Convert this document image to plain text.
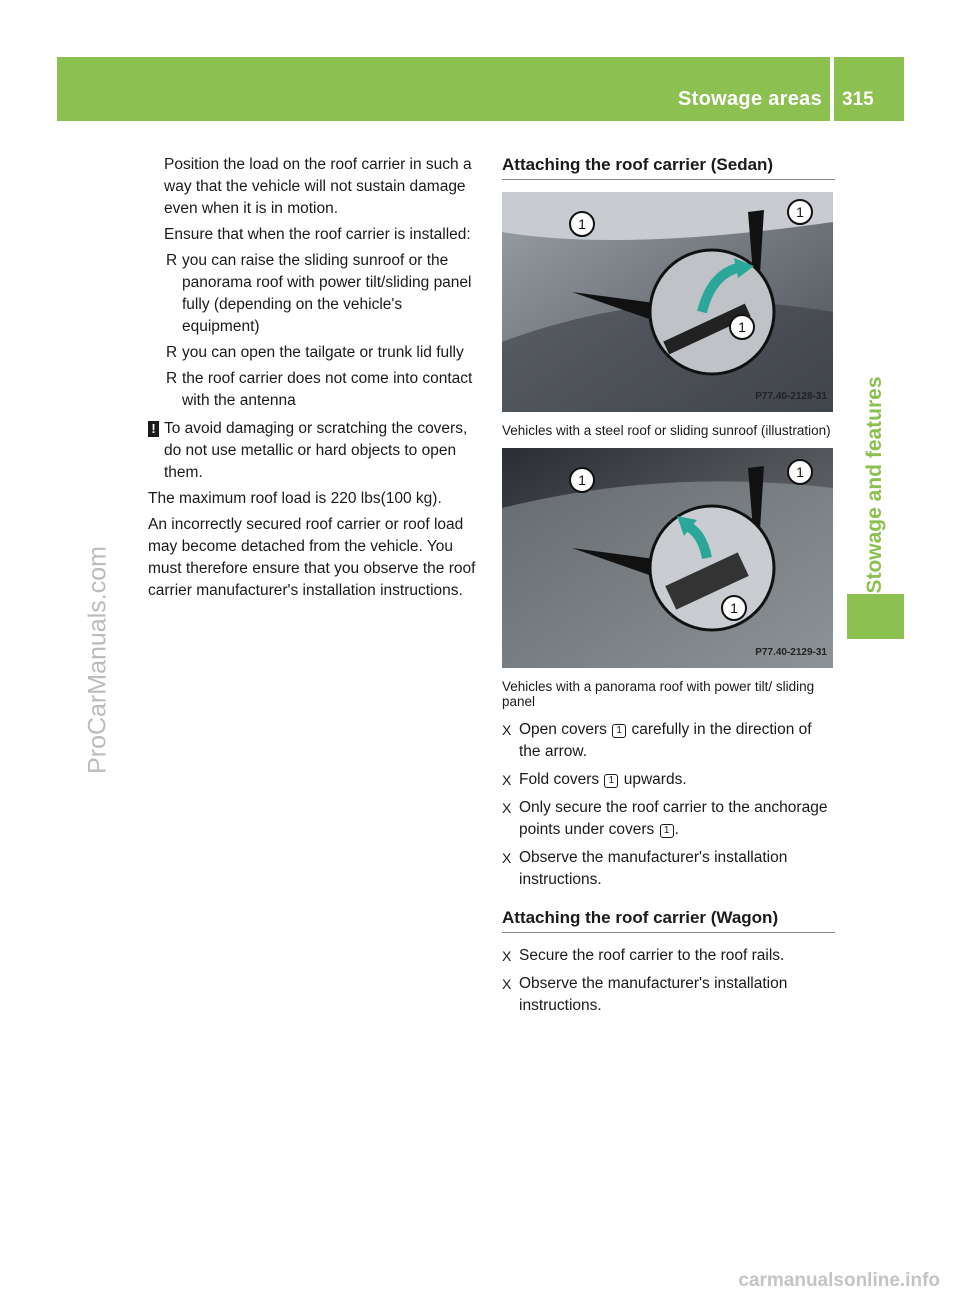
Stowage areas 315
Stowage and features
ProCarManuals.com
carmanualsonline.info

Position the load on the roof carrier in such a way that the vehicle will not sustain damage even when it is in motion.

Ensure that when the roof carrier is installed:

R you can raise the sliding sunroof or the panorama roof with power tilt/sliding panel fully (depending on the vehicle's equipment)

R you can open the tailgate or trunk lid fully

R the roof carrier does not come into contact with the antenna

! To avoid damaging or scratching the covers, do not use metallic or hard objects to open them.

The maximum roof load is 220 lbs(100 kg).

An incorrectly secured roof carrier or roof load may become detached from the vehicle. You must therefore ensure that you observe the roof carrier manufacturer's installation instructions.

Attaching the roof carrier (Sedan)

1
1
1
P77.40-2128-31

Vehicles with a steel roof or sliding sunroof (illustration)

1	1
1
P77.40-2129-31

Vehicles with a panorama roof with power tilt/ sliding panel

X Open covers 1 carefully in the direction of the arrow.

X Fold covers 1 upwards.

X Only secure the roof carrier to the anchorage points under covers 1 .

X Observe the manufacturer's installation instructions.

Attaching the roof carrier (Wagon)

X Secure the roof carrier to the roof rails.

X Observe the manufacturer's installation instructions.
